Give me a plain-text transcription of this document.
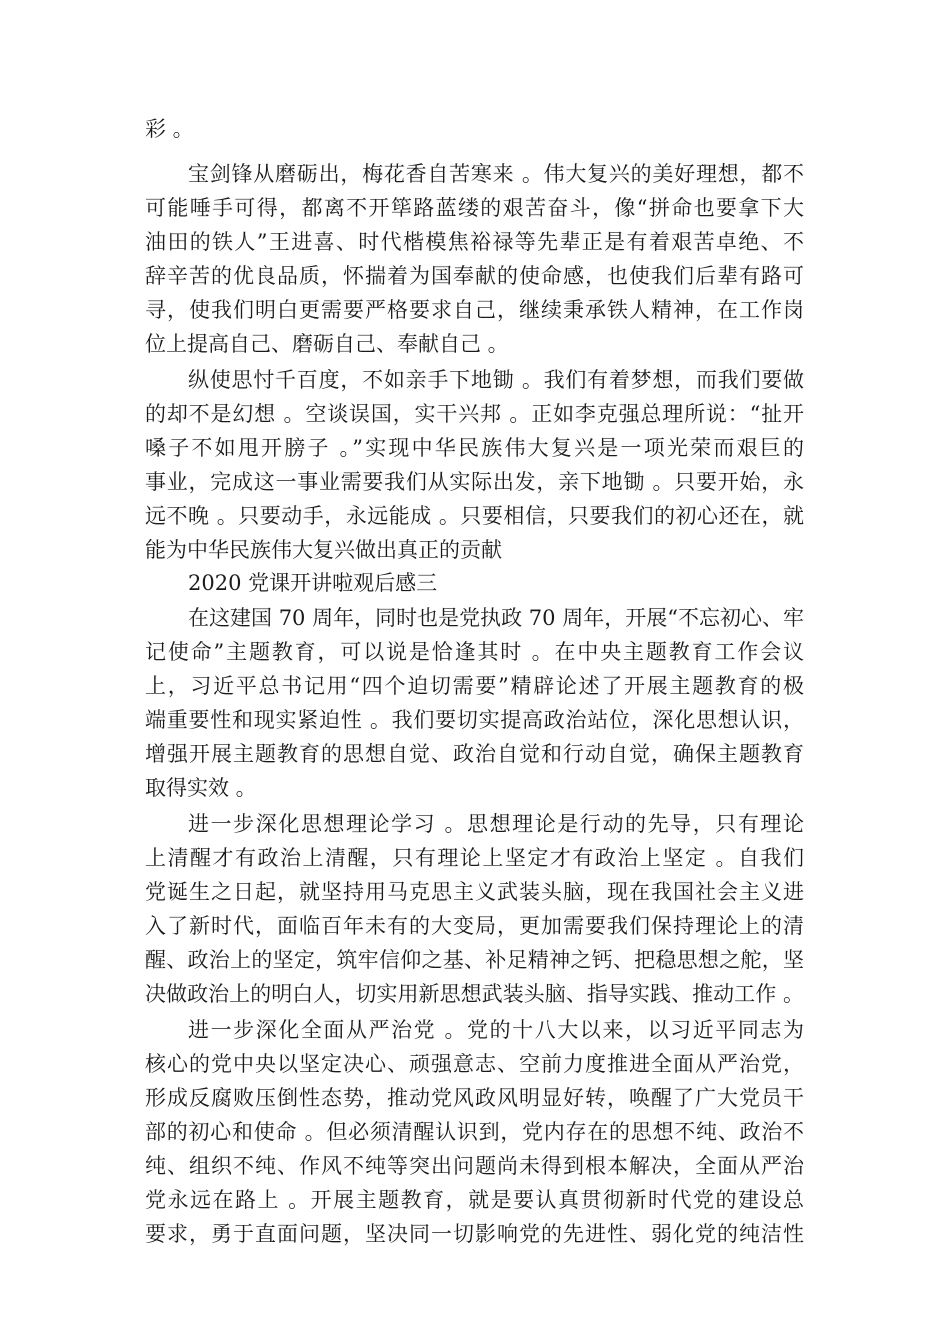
彩 。
宝剑锋从磨砺出，梅花香自苦寒来 。伟大复兴的美好理想，都不
可能唾手可得，都离不开筚路蓝缕的艰苦奋斗，像“拼命也要拿下大
油田的铁人”王进喜、时代楷模焦裕禄等先辈正是有着艰苦卓绝、不
辞辛苦的优良品质，怀揣着为国奉献的使命感，也使我们后辈有路可
寻，使我们明白更需要严格要求自己，继续秉承铁人精神，在工作岗
位上提高自己、磨砺自己、奉献自己 。
纵使思忖千百度，不如亲手下地锄 。我们有着梦想，而我们要做
的却不是幻想 。空谈误国，实干兴邦 。正如李克强总理所说：“扯开
嗓子不如甩开膀子 。”实现中华民族伟大复兴是一项光荣而艰巨的
事业，完成这一事业需要我们从实际出发，亲下地锄 。只要开始，永
远不晚 。只要动手，永远能成 。只要相信，只要我们的初心还在，就
能为中华民族伟大复兴做出真正的贡献
2020 党课开讲啦观后感三
在这建国 70 周年，同时也是党执政 70 周年，开展“不忘初心、牢
记使命”主题教育，可以说是恰逢其时 。在中央主题教育工作会议
上，习近平总书记用“四个迫切需要”精辟论述了开展主题教育的极
端重要性和现实紧迫性 。我们要切实提高政治站位，深化思想认识，
增强开展主题教育的思想自觉、政治自觉和行动自觉，确保主题教育
取得实效 。
进一步深化思想理论学习 。思想理论是行动的先导，只有理论
上清醒才有政治上清醒，只有理论上坚定才有政治上坚定 。自我们
党诞生之日起，就坚持用马克思主义武装头脑，现在我国社会主义进
入了新时代，面临百年未有的大变局，更加需要我们保持理论上的清
醒、政治上的坚定，筑牢信仰之基、补足精神之钙、把稳思想之舵，坚
决做政治上的明白人，切实用新思想武装头脑、指导实践、推动工作 。
进一步深化全面从严治党 。党的十八大以来，以习近平同志为
核心的党中央以坚定决心、顽强意志、空前力度推进全面从严治党，
形成反腐败压倒性态势，推动党风政风明显好转，唤醒了广大党员干
部的初心和使命 。但必须清醒认识到，党内存在的思想不纯、政治不
纯、组织不纯、作风不纯等突出问题尚未得到根本解决，全面从严治
党永远在路上 。开展主题教育，就是要认真贯彻新时代党的建设总
要求，勇于直面问题，坚决同一切影响党的先进性、弱化党的纯洁性
